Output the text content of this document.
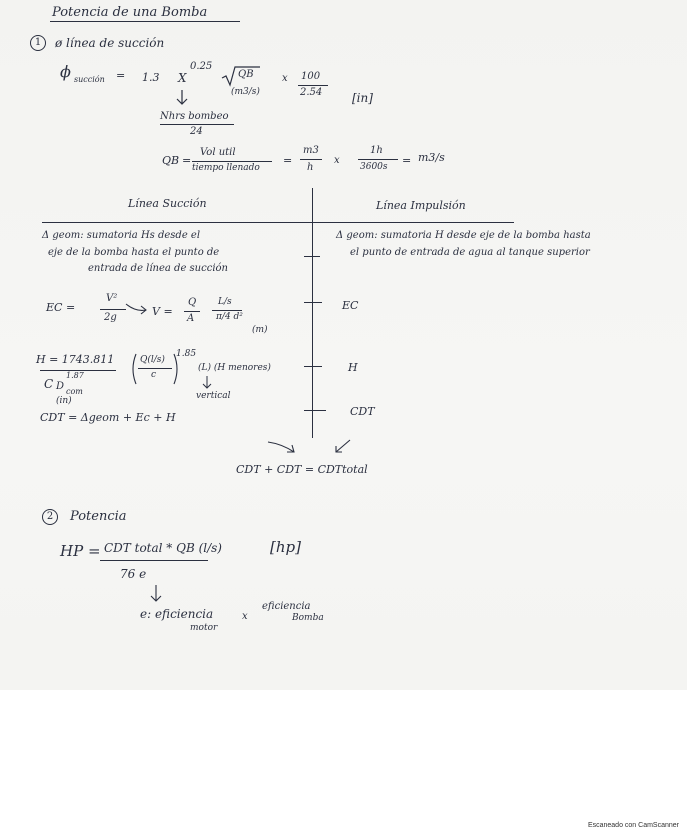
Potencia de una Bomba
1	ø línea de succión
ϕ succión = 1.3 X
0.25
QB
(m3/s)
x 100
2.54 [in]
Nhrs bombeo
24
QB =
Vol util
tiempo llenado
=
m3
h
x
1h
3600s = m3/s
Línea Succión	Línea Impulsión
Δ geom: sumatoria Hs desde el
eje de la bomba hasta el punto de
entrada de línea de succión
EC =
V²
2g	V =
Q
A
L/s
π/4 d²
(m)
H = 1743.811
C
1.87
D com
(in)
Q(l/s)
c
1.85
(L) (H menores)
vertical
CDT = Δgeom + Ec + H
Δ geom: sumatoria H desde eje de la bomba hasta
el punto de entrada de agua al tanque superior
EC
H
CDT
CDT + CDT = CDTtotal
2	Potencia
HP = CDT total * QB (l/s)
76 e
[hp]
e: eficiencia
motor
x
eficiencia
Bomba
Escaneado con CamScanner
